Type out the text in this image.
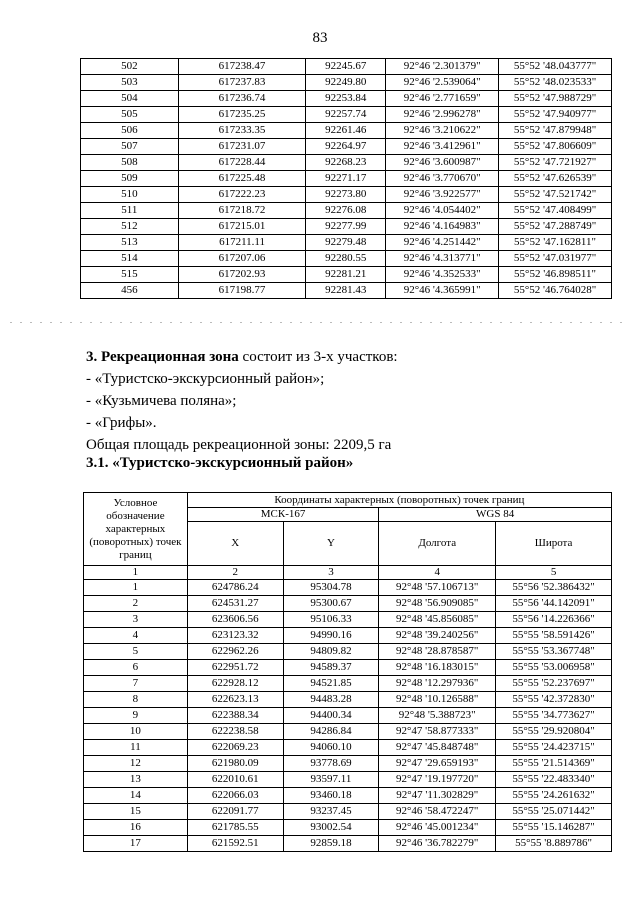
83
502	617238.47	92245.67	92°46 '2.301379"	55°52 '48.043777"
503	617237.83	92249.80	92°46 '2.539064"	55°52 '48.023533"
504	617236.74	92253.84	92°46 '2.771659"	55°52 '47.988729"
505	617235.25	92257.74	92°46 '2.996278"	55°52 '47.940977"
506	617233.35	92261.46	92°46 '3.210622"	55°52 '47.879948"
507	617231.07	92264.97	92°46 '3.412961"	55°52 '47.806609"
508	617228.44	92268.23	92°46 '3.600987"	55°52 '47.721927"
509	617225.48	92271.17	92°46 '3.770670"	55°52 '47.626539"
510	617222.23	92273.80	92°46 '3.922577"	55°52 '47.521742"
511	617218.72	92276.08	92°46 '4.054402"	55°52 '47.408499"
512	617215.01	92277.99	92°46 '4.164983"	55°52 '47.288749"
513	617211.11	92279.48	92°46 '4.251442"	55°52 '47.162811"
514	617207.06	92280.55	92°46 '4.313771"	55°52 '47.031977"
515	617202.93	92281.21	92°46 '4.352533"	55°52 '46.898511"
456	617198.77	92281.43	92°46 '4.365991"	55°52 '46.764028"

3. Рекреационная зона состоит из 3-х участков:

- «Туристско-экскурсионный район»;

- «Кузьмичева поляна»;

- «Грифы».

Общая площадь рекреационной зоны: 2209,5 га

3.1. «Туристско-экскурсионный район»
Условное обозначение характерных (поворотных) точек границ	Координаты характерных (поворотных) точек границ			
	МСК-167		WGS 84	
	X	Y	Долгота	Широта
1	2	3	4	5
1	624786.24	95304.78	92°48 '57.106713"	55°56 '52.386432"
2	624531.27	95300.67	92°48 '56.909085"	55°56 '44.142091"
3	623606.56	95106.33	92°48 '45.856085"	55°56 '14.226366"
4	623123.32	94990.16	92°48 '39.240256"	55°55 '58.591426"
5	622962.26	94809.82	92°48 '28.878587"	55°55 '53.367748"
6	622951.72	94589.37	92°48 '16.183015"	55°55 '53.006958"
7	622928.12	94521.85	92°48 '12.297936"	55°55 '52.237697"
8	622623.13	94483.28	92°48 '10.126588"	55°55 '42.372830"
9	622388.34	94400.34	92°48 '5.388723"	55°55 '34.773627"
10	622238.58	94286.84	92°47 '58.877333"	55°55 '29.920804"
11	622069.23	94060.10	92°47 '45.848748"	55°55 '24.423715"
12	621980.09	93778.69	92°47 '29.659193"	55°55 '21.514369"
13	622010.61	93597.11	92°47 '19.197720"	55°55 '22.483340"
14	622066.03	93460.18	92°47 '11.302829"	55°55 '24.261632"
15	622091.77	93237.45	92°46 '58.472247"	55°55 '25.071442"
16	621785.55	93002.54	92°46 '45.001234"	55°55 '15.146287"
17	621592.51	92859.18	92°46 '36.782279"	55°55 '8.889786"
